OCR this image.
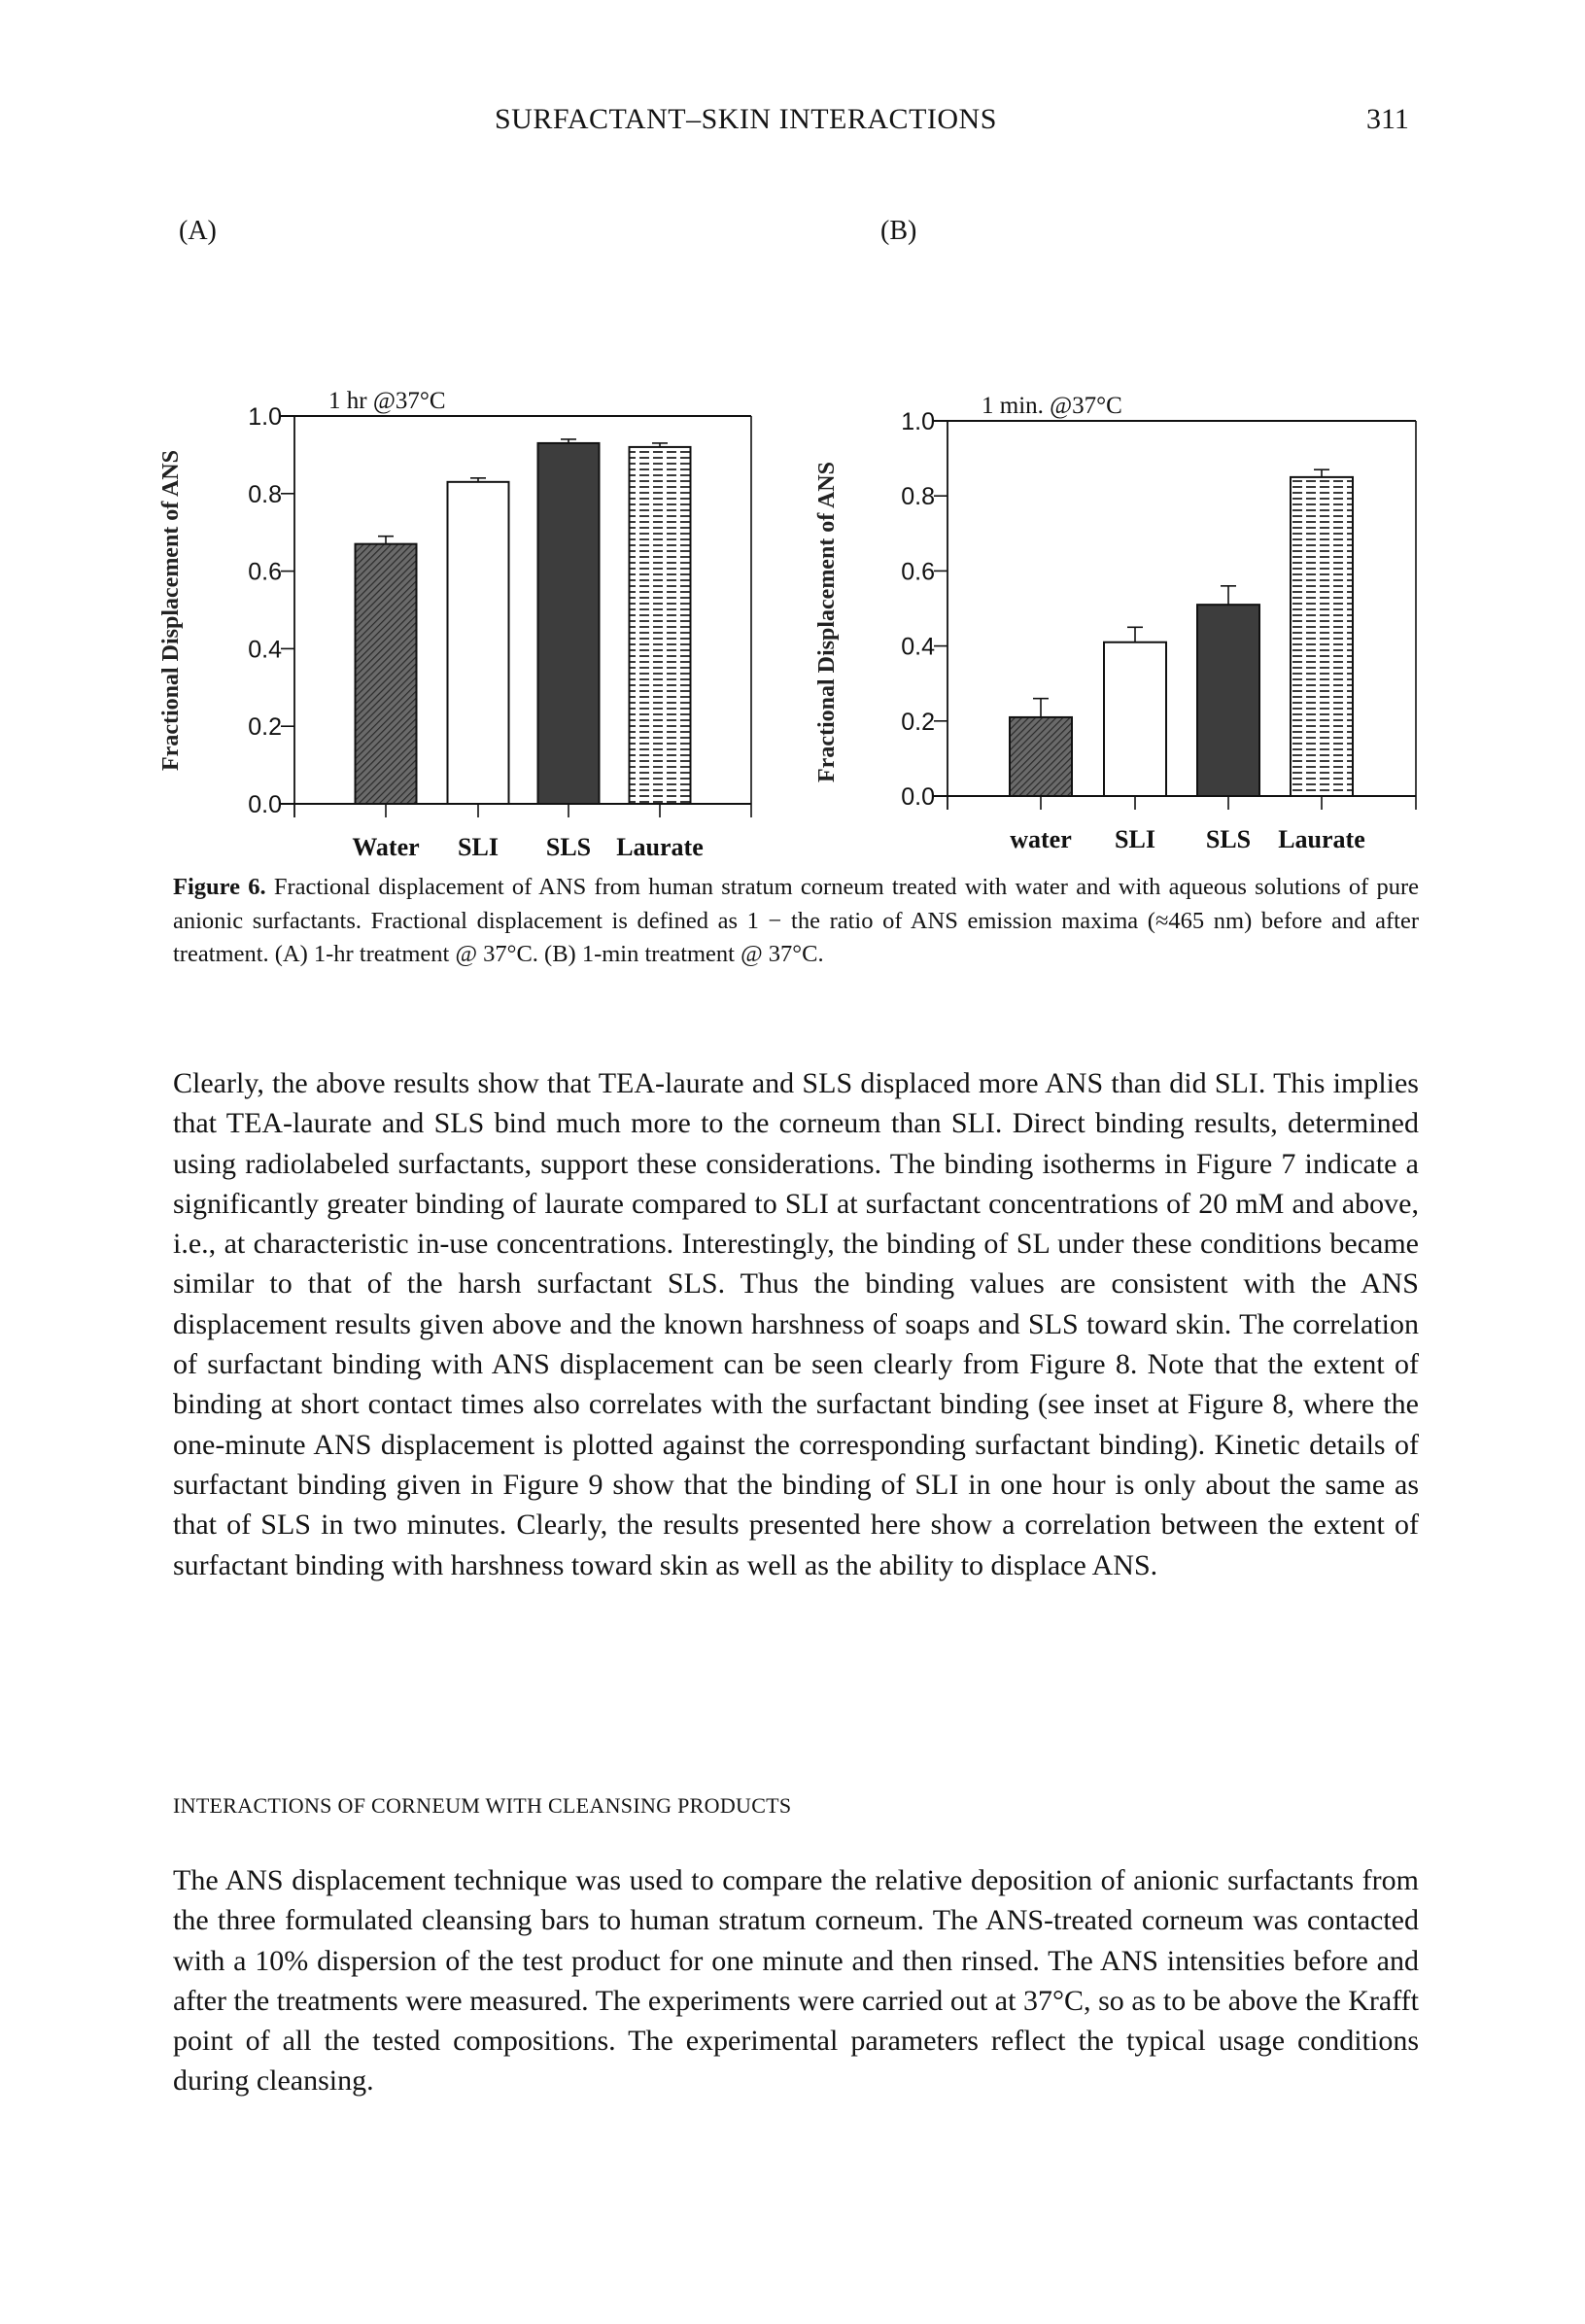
SURFACTANT–SKIN INTERACTIONS	311
(A)	(B)
0.0
0.2
0.4
0.6
0.8
1.0
Water SLI SLS Laurate
1 hr @37°C
Fractional Displacement of ANS
0.0
0.2
0.4
0.6
0.8
1.0
water SLI SLS Laurate
1 min. @37°C
Fractional Displacement of ANS
Figure 6. Fractional displacement of ANS from human stratum corneum treated with water and with aqueous solutions of pure anionic surfactants. Fractional displacement is defined as 1 − the ratio of ANS emission maxima (≈465 nm) before and after treatment. (A) 1-hr treatment @ 37°C. (B) 1-min treatment @ 37°C.
Clearly, the above results show that TEA-laurate and SLS displaced more ANS than did SLI. This implies that TEA-laurate and SLS bind much more to the corneum than SLI. Direct binding results, determined using radiolabeled surfactants, support these considerations. The binding isotherms in Figure 7 indicate a significantly greater binding of laurate compared to SLI at surfactant concentrations of 20 mM and above, i.e., at characteristic in-use concentrations. Interestingly, the binding of SL under these conditions became similar to that of the harsh surfactant SLS. Thus the binding values are consistent with the ANS displacement results given above and the known harshness of soaps and SLS toward skin. The correlation of surfactant binding with ANS displacement can be seen clearly from Figure 8. Note that the extent of binding at short contact times also correlates with the surfactant binding (see inset at Figure 8, where the one-minute ANS displacement is plotted against the corresponding surfactant binding). Kinetic details of surfactant binding given in Figure 9 show that the binding of SLI in one hour is only about the same as that of SLS in two minutes. Clearly, the results presented here show a correlation between the extent of surfactant binding with harshness toward skin as well as the ability to displace ANS.
INTERACTIONS OF CORNEUM WITH CLEANSING PRODUCTS
The ANS displacement technique was used to compare the relative deposition of anionic surfactants from the three formulated cleansing bars to human stratum corneum. The ANS-treated corneum was contacted with a 10% dispersion of the test product for one minute and then rinsed. The ANS intensities before and after the treatments were measured. The experiments were carried out at 37°C, so as to be above the Krafft point of all the tested compositions. The experimental parameters reflect the typical usage conditions during cleansing.
